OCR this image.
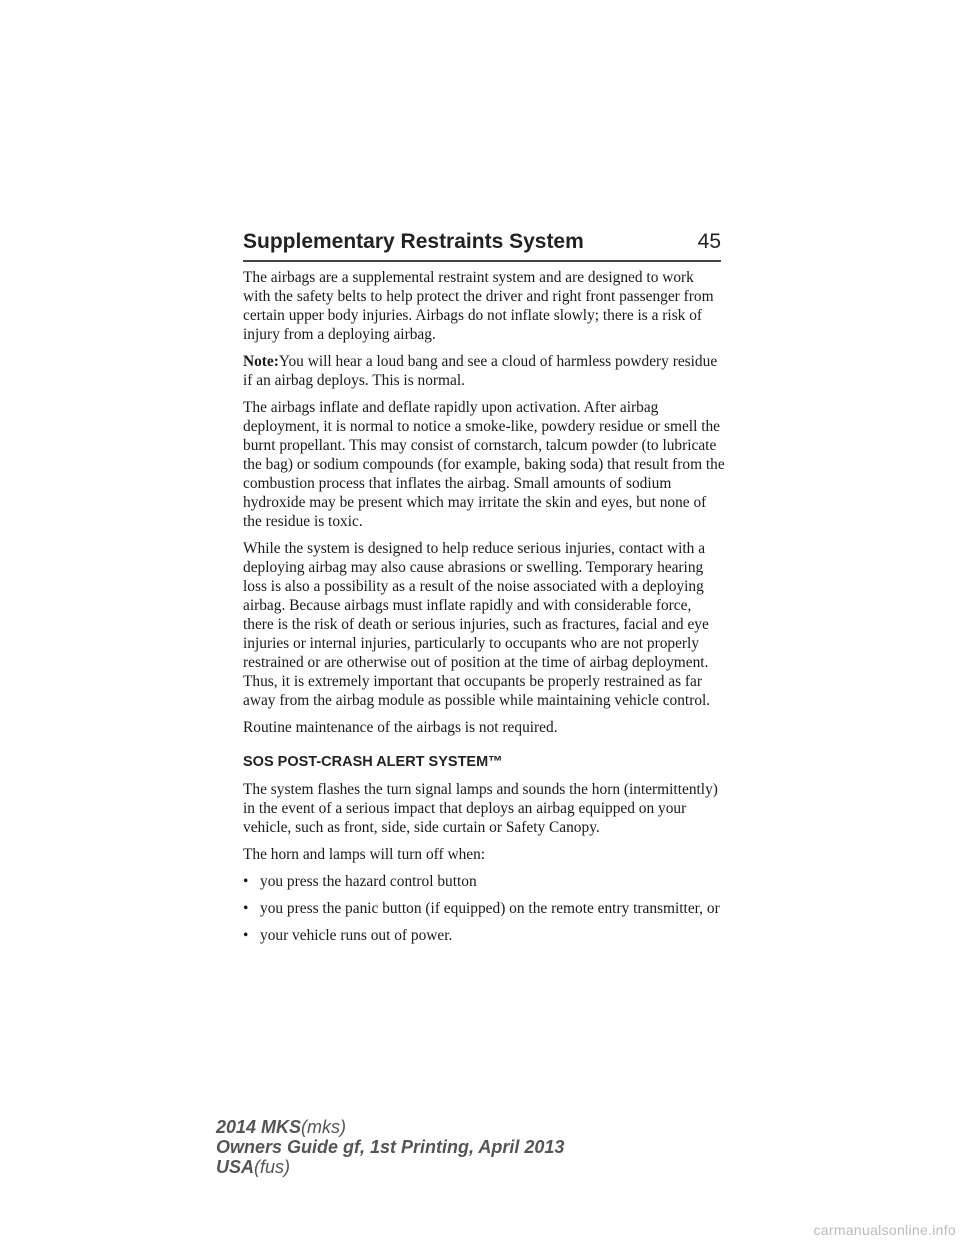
Supplementary Restraints System	45

The airbags are a supplemental restraint system and are designed to work with the safety belts to help protect the driver and right front passenger from certain upper body injuries. Airbags do not inflate slowly; there is a risk of injury from a deploying airbag.

Note:You will hear a loud bang and see a cloud of harmless powdery residue if an airbag deploys. This is normal.

The airbags inflate and deflate rapidly upon activation. After airbag deployment, it is normal to notice a smoke-like, powdery residue or smell the burnt propellant. This may consist of cornstarch, talcum powder (to lubricate the bag) or sodium compounds (for example, baking soda) that result from the combustion process that inflates the airbag. Small amounts of sodium hydroxide may be present which may irritate the skin and eyes, but none of the residue is toxic.

While the system is designed to help reduce serious injuries, contact with a deploying airbag may also cause abrasions or swelling. Temporary hearing loss is also a possibility as a result of the noise associated with a deploying airbag. Because airbags must inflate rapidly and with considerable force, there is the risk of death or serious injuries, such as fractures, facial and eye injuries or internal injuries, particularly to occupants who are not properly restrained or are otherwise out of position at the time of airbag deployment. Thus, it is extremely important that occupants be properly restrained as far away from the airbag module as possible while maintaining vehicle control.

Routine maintenance of the airbags is not required.

SOS POST-CRASH ALERT SYSTEM™

The system flashes the turn signal lamps and sounds the horn (intermittently) in the event of a serious impact that deploys an airbag equipped on your vehicle, such as front, side, side curtain or Safety Canopy.

The horn and lamps will turn off when:

• you press the hazard control button
• you press the panic button (if equipped) on the remote entry transmitter, or
• your vehicle runs out of power.
2014 MKS(mks)
Owners Guide gf, 1st Printing, April 2013
USA(fus)
carmanualsonline.info
